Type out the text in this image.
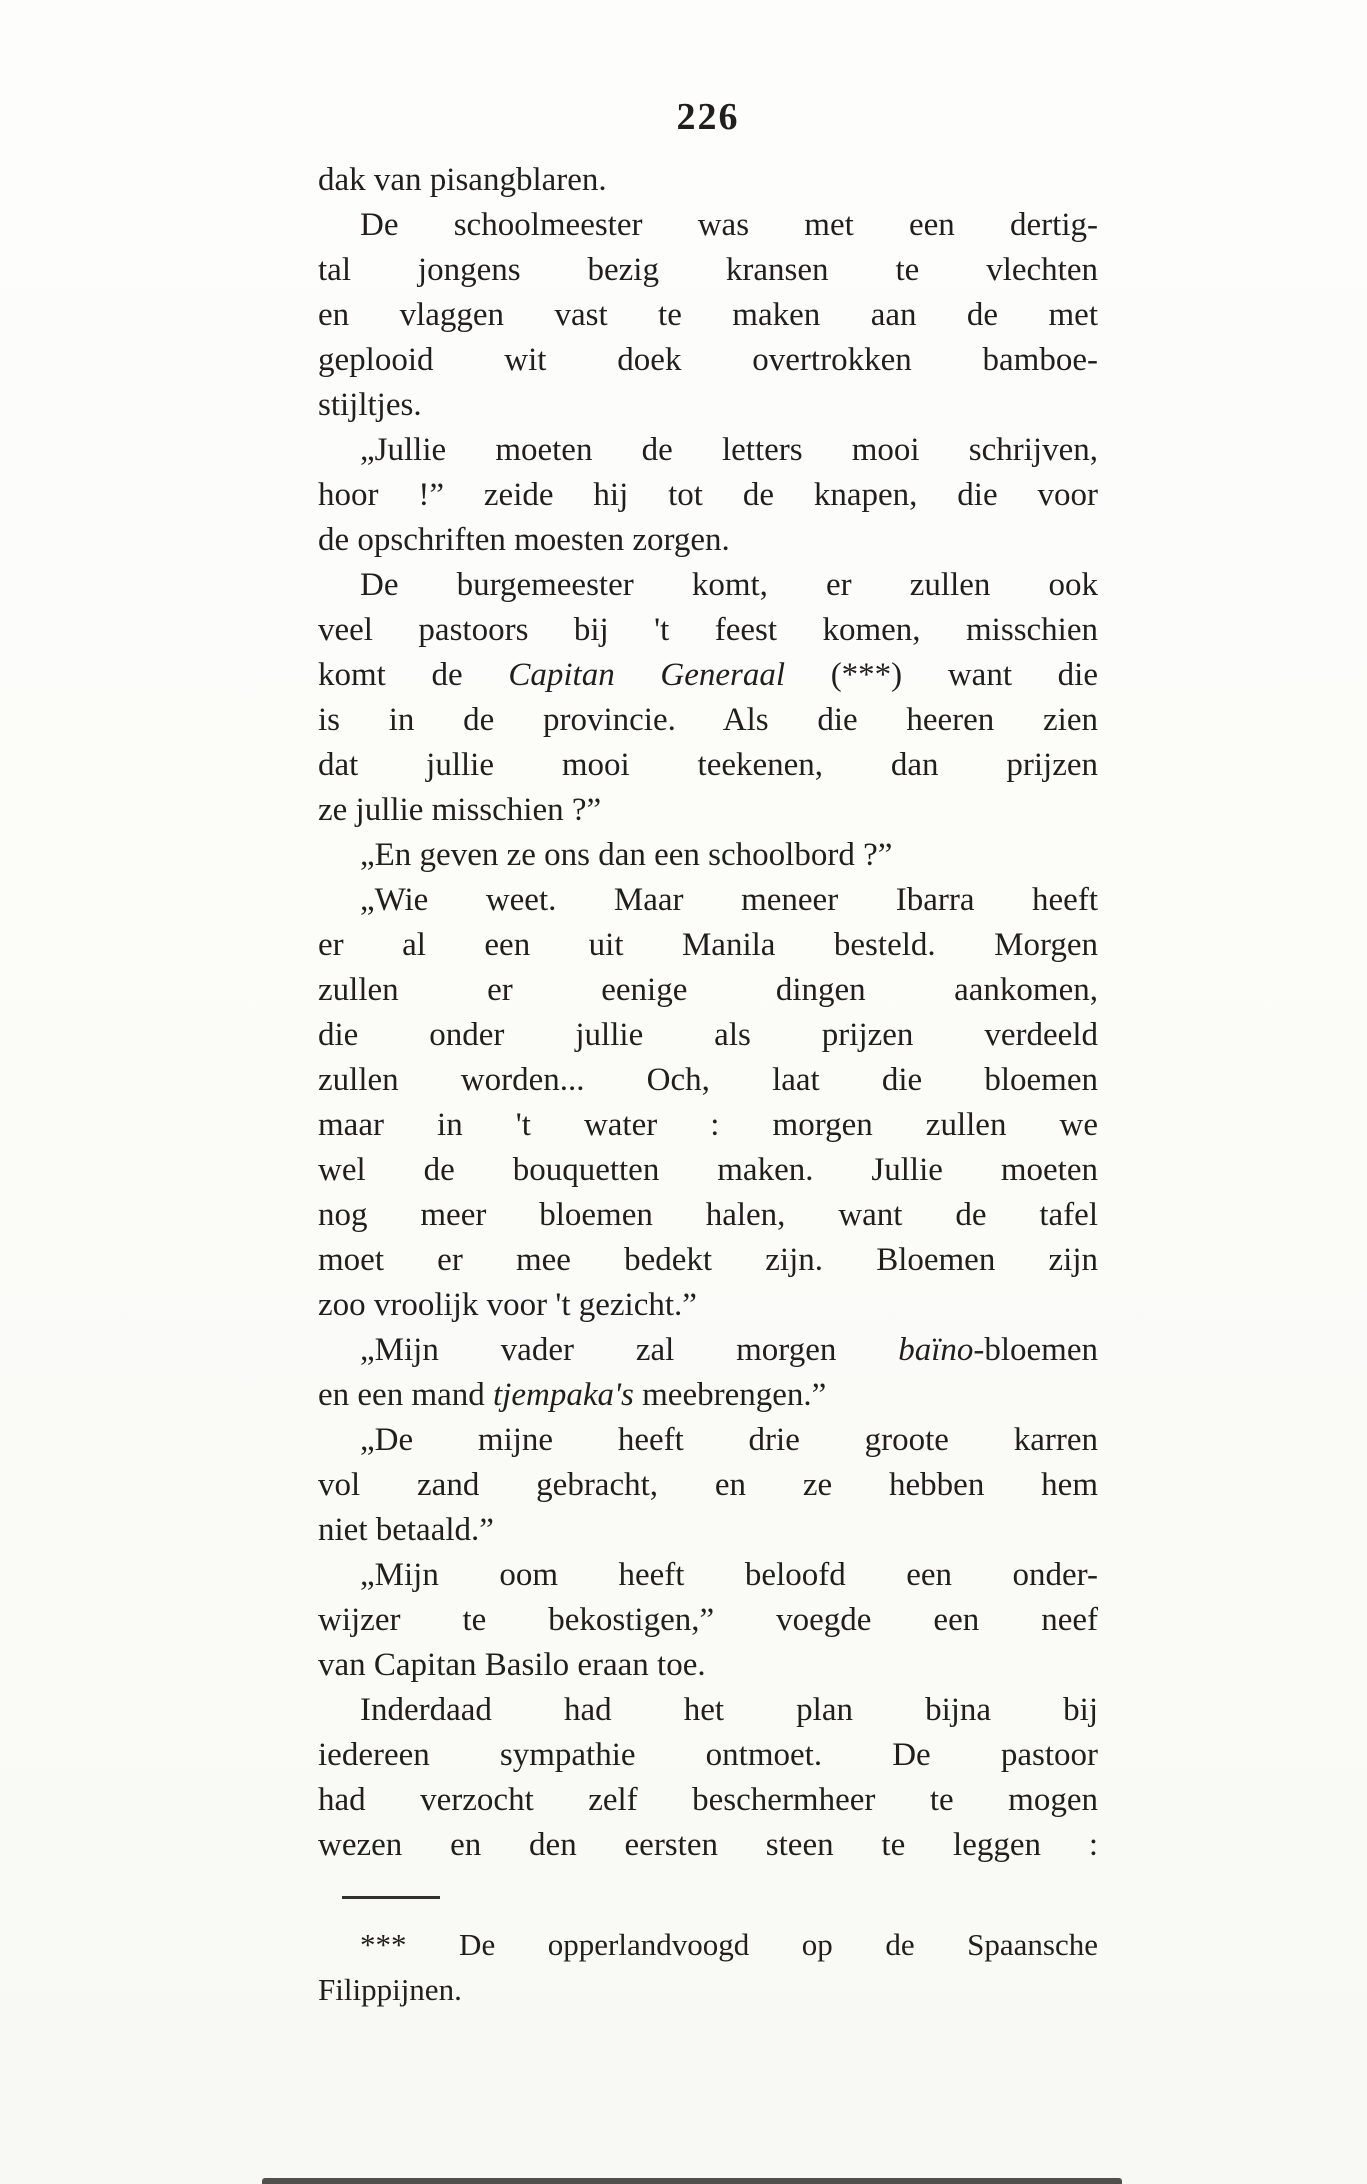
226
dak van pisangblaren.
De schoolmeester was met een dertig-
tal jongens bezig kransen te vlechten
en vlaggen vast te maken aan de met
geplooid wit doek overtrokken bamboe-
stijltjes.
„Jullie moeten de letters mooi schrijven,
hoor !” zeide hij tot de knapen, die voor
de opschriften moesten zorgen.
De burgemeester komt, er zullen ook
veel pastoors bij 't feest komen, misschien
komt de Capitan Generaal (***) want die
is in de provincie. Als die heeren zien
dat jullie mooi teekenen, dan prijzen
ze jullie misschien ?”
„En geven ze ons dan een schoolbord ?”
„Wie weet. Maar meneer Ibarra heeft
er al een uit Manila besteld. Morgen
zullen er eenige dingen aankomen,
die onder jullie als prijzen verdeeld
zullen worden... Och, laat die bloemen
maar in 't water : morgen zullen we
wel de bouquetten maken. Jullie moeten
nog meer bloemen halen, want de tafel
moet er mee bedekt zijn. Bloemen zijn
zoo vroolijk voor 't gezicht.”
„Mijn vader zal morgen baïno-bloemen
en een mand tjempaka's meebrengen.”
„De mijne heeft drie groote karren
vol zand gebracht, en ze hebben hem
niet betaald.”
„Mijn oom heeft beloofd een onder-
wijzer te bekostigen,” voegde een neef
van Capitan Basilo eraan toe.
Inderdaad had het plan bijna bij
iedereen sympathie ontmoet. De pastoor
had verzocht zelf beschermheer te mogen
wezen en den eersten steen te leggen :
*** De opperlandvoogd op de Spaansche
Filippijnen.
